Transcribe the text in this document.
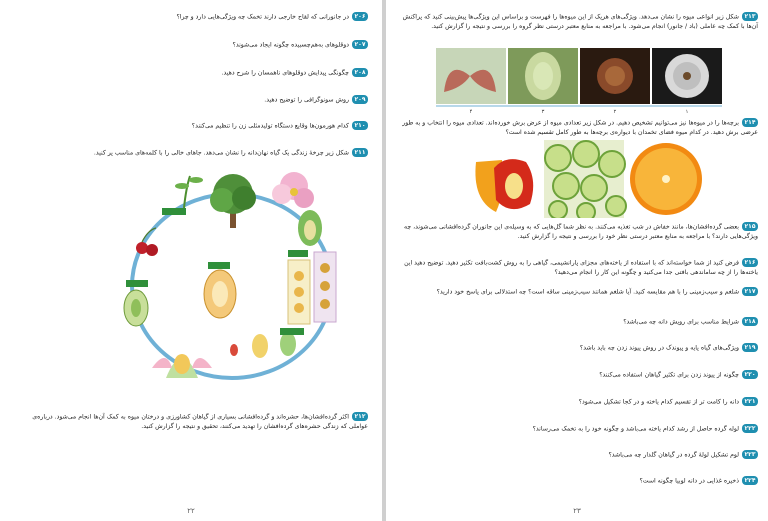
۲۰۶در جانورانی که لقاح خارجی دارند تخمک چه ویژگی‌هایی دارد و چرا؟
۲۰۷دوقلوهای به‌هم‌چسبیده چگونه ایجاد می‌شوند؟
۲۰۸چگونگی پیدایش دوقلوهای ناهمسان را شرح دهید.
۲۰۹روش سونوگرافی را توضیح دهید.
۲۱۰کدام هورمون‌ها وقایع دستگاه تولیدمثلی زن را تنظیم می‌کنند؟
۲۱۱شکل زیر چرخهٔ زندگی یک گیاه نهان‌دانه را نشان می‌دهد. جاهای خالی را با کلمه‌های مناسب پر کنید.
۲۱۲اکثر گرده‌افشان‌ها، حشره‌اند و گرده‌افشانی بسیاری از گیاهان کشاورزی و درختان میوه به کمک آن‌ها انجام می‌شود. درباره‌ی عواملی که زندگی حشره‌های گرده‌افشان را تهدید می‌کنند، تحقیق و نتیجه را گزارش کنید.
۲۲
۲۱۳شکل زیر انواعی میوه را نشان می‌دهد. ویژگی‌های هریک از این میوه‌ها را فهرست و براساس این ویژگی‌ها پیش‌بینی کنید که پراکنش آن‌ها با کمک چه عاملی (باد / جانور) انجام می‌شود. با مراجعه به منابع معتبر درستی نظر گروه را بررسی و نتیجه را گزارش کنید.
۱
۲
۳
۴
۲۱۴برچه‌ها را در میوه‌ها نیز می‌توانیم تشخیص دهیم. در شکل زیر تعدادی میوه از عرض برش خورده‌اند. تعدادی میوه را انتخاب و به طور عرضی برش دهید. در کدام میوه فضای تخمدان با دیواره‌ی برچه‌ها به طور کامل تقسیم شده است؟
۲۱۵بعضی گرده‌افشان‌ها، مانند خفاش در شب تغذیه می‌کنند. به نظر شما گل‌هایی که به وسیله‌ی این جانوران گرده‌افشانی می‌شوند، چه ویژگی‌هایی دارند؟ با مراجعه به منابع معتبر درستی نظر خود را بررسی و نتیجه را گزارش کنید.
۲۱۶فرض کنید از شما خواسته‌اند که با استفاده از یاخته‌های مجزای پارانشیمی، گیاهی را به روش کشت‌بافت تکثیر دهید. توضیح دهید این یاخته‌ها را از چه ساماندهی بافتی جدا می‌کنید و چگونه این کار را انجام می‌دهید؟
۲۱۷شلغم و سیب‌زمینی را با هم مقایسه کنید. آیا شلغم همانند سیب‌زمینی ساقه است؟ چه استدلالی برای پاسخ خود دارید؟
۲۱۸شرایط مناسب برای رویش دانه چه می‌باشد؟
۲۱۹ویژگی‌های گیاه پایه و پیوندک در روش پیوند زدن چه باید باشد؟
۲۲۰چگونه از پیوند زدن برای تکثیر گیاهان استفاده می‌کنند؟
۲۲۱دانه را کامت تر از تقسیم کدام یاخته و در کجا تشکیل می‌شود؟
۲۲۲لوله گرده حاصل از رشد کدام یاخته می‌باشد و چگونه خود را به تخمک می‌رساند؟
۲۲۳لوم تشکیل لولهٔ گرده در گیاهان گلدار چه می‌باشد؟
۲۲۴ذخیره غذایی در دانه لوبیا چگونه است؟
۲۳
